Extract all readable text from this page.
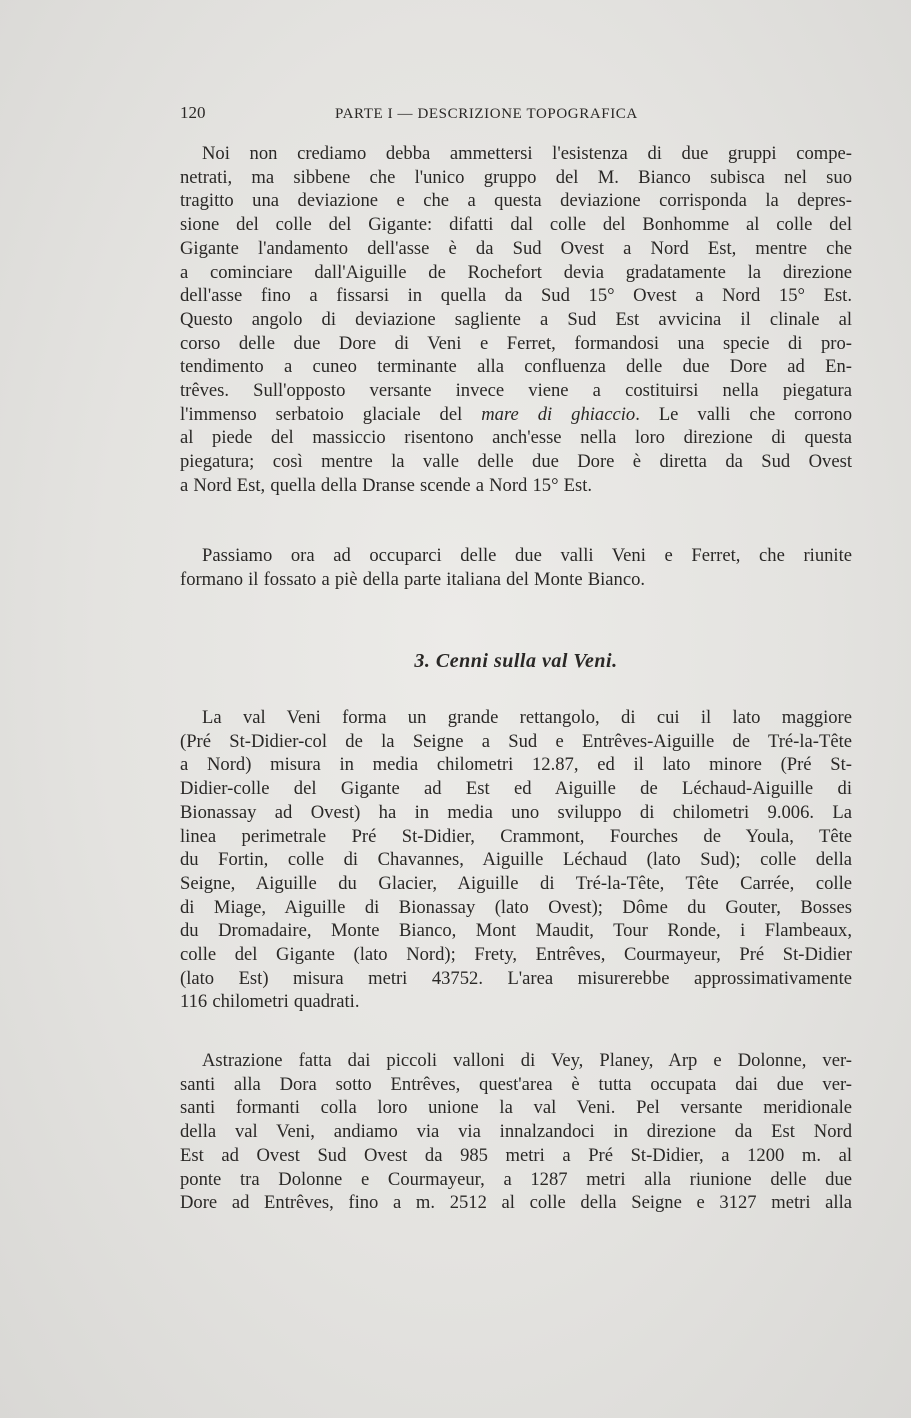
120	PARTE I — DESCRIZIONE TOPOGRAFICA
Noi non crediamo debba ammettersi l'esistenza di due gruppi compe-
netrati, ma sibbene che l'unico gruppo del M. Bianco subisca nel suo
tragitto una deviazione e che a questa deviazione corrisponda la depres-
sione del colle del Gigante: difatti dal colle del Bonhomme al colle del
Gigante l'andamento dell'asse è da Sud Ovest a Nord Est, mentre che
a cominciare dall'Aiguille de Rochefort devia gradatamente la direzione
dell'asse fino a fissarsi in quella da Sud 15° Ovest a Nord 15° Est.
Questo angolo di deviazione sagliente a Sud Est avvicina il clinale al
corso delle due Dore di Veni e Ferret, formandosi una specie di pro-
tendimento a cuneo terminante alla confluenza delle due Dore ad En-
trêves. Sull'opposto versante invece viene a costituirsi nella piegatura
l'immenso serbatoio glaciale del mare di ghiaccio. Le valli che corrono
al piede del massiccio risentono anch'esse nella loro direzione di questa
piegatura; così mentre la valle delle due Dore è diretta da Sud Ovest
a Nord Est, quella della Dranse scende a Nord 15° Est.
Passiamo ora ad occuparci delle due valli Veni e Ferret, che riunite
formano il fossato a piè della parte italiana del Monte Bianco.
3. Cenni sulla val Veni.
La val Veni forma un grande rettangolo, di cui il lato maggiore
(Pré St-Didier-col de la Seigne a Sud e Entrêves-Aiguille de Tré-la-Tête
a Nord) misura in media chilometri 12.87, ed il lato minore (Pré St-
Didier-colle del Gigante ad Est ed Aiguille de Léchaud-Aiguille di
Bionassay ad Ovest) ha in media uno sviluppo di chilometri 9.006. La
linea perimetrale Pré St-Didier, Crammont, Fourches de Youla, Tête
du Fortin, colle di Chavannes, Aiguille Léchaud (lato Sud); colle della
Seigne, Aiguille du Glacier, Aiguille di Tré-la-Tête, Tête Carrée, colle
di Miage, Aiguille di Bionassay (lato Ovest); Dôme du Gouter, Bosses
du Dromadaire, Monte Bianco, Mont Maudit, Tour Ronde, i Flambeaux,
colle del Gigante (lato Nord); Frety, Entrêves, Courmayeur, Pré St-Didier
(lato Est) misura metri 43752. L'area misurerebbe approssimativamente
116 chilometri quadrati.
Astrazione fatta dai piccoli valloni di Vey, Planey, Arp e Dolonne, ver-
santi alla Dora sotto Entrêves, quest'area è tutta occupata dai due ver-
santi formanti colla loro unione la val Veni. Pel versante meridionale
della val Veni, andiamo via via innalzandoci in direzione da Est Nord
Est ad Ovest Sud Ovest da 985 metri a Pré St-Didier, a 1200 m. al
ponte tra Dolonne e Courmayeur, a 1287 metri alla riunione delle due
Dore ad Entrêves, fino a m. 2512 al colle della Seigne e 3127 metri alla
